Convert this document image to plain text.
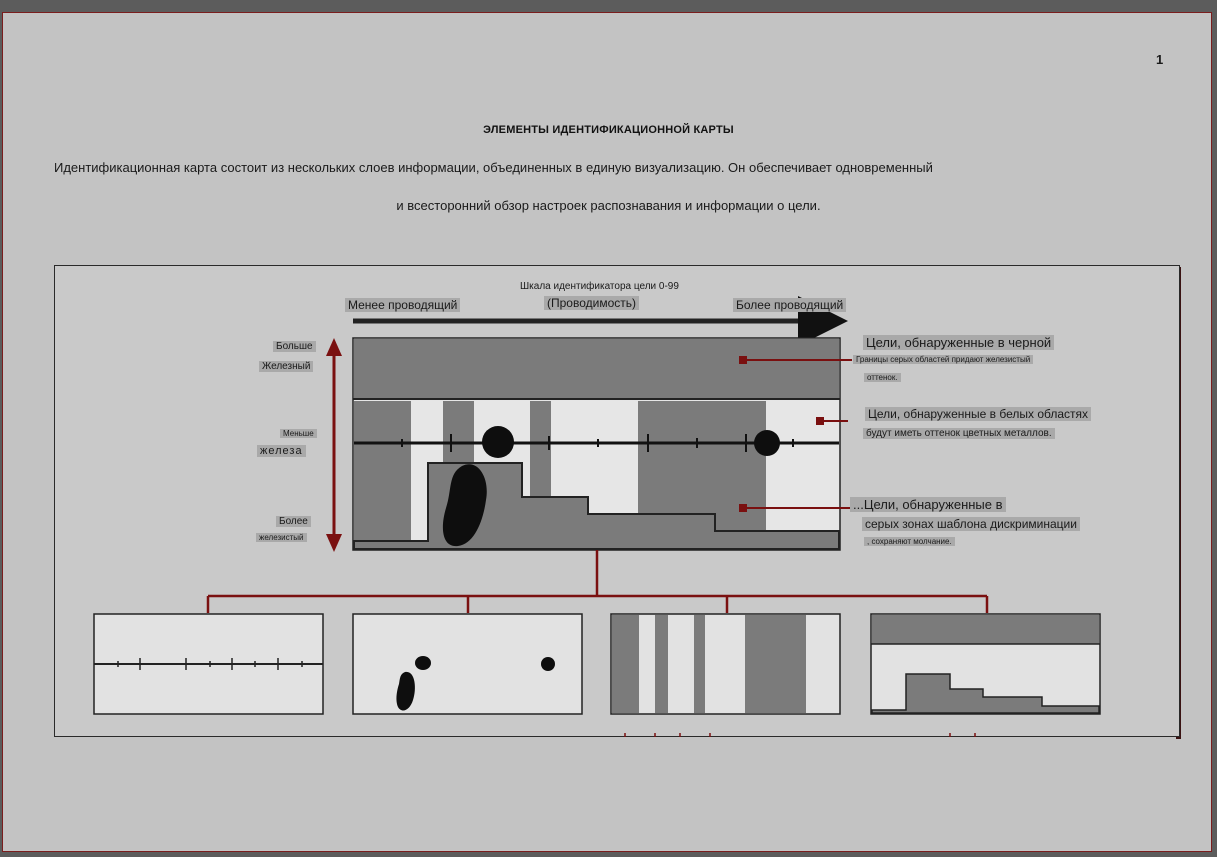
1
ЭЛЕМЕНТЫ ИДЕНТИФИКАЦИОННОЙ КАРТЫ
Идентификационная карта состоит из нескольких слоев информации, объединенных в единую визуализацию. Он обеспечивает одновременный
и всесторонний обзор настроек распознавания и информации о цели.
Шкала идентификатора цели 0-99
(Проводимость)
Менее проводящий	Более проводящий
Больше
Железный
Меньше
железа
Более
железистый
Цели, обнаруженные в черной
Границы серых областей придают железистый
оттенок.
Цели, обнаруженные в белых областях
будут иметь оттенок цветных металлов.
...Цели, обнаруженные в
серых зонах шаблона дискриминации
, сохраняют молчание.
